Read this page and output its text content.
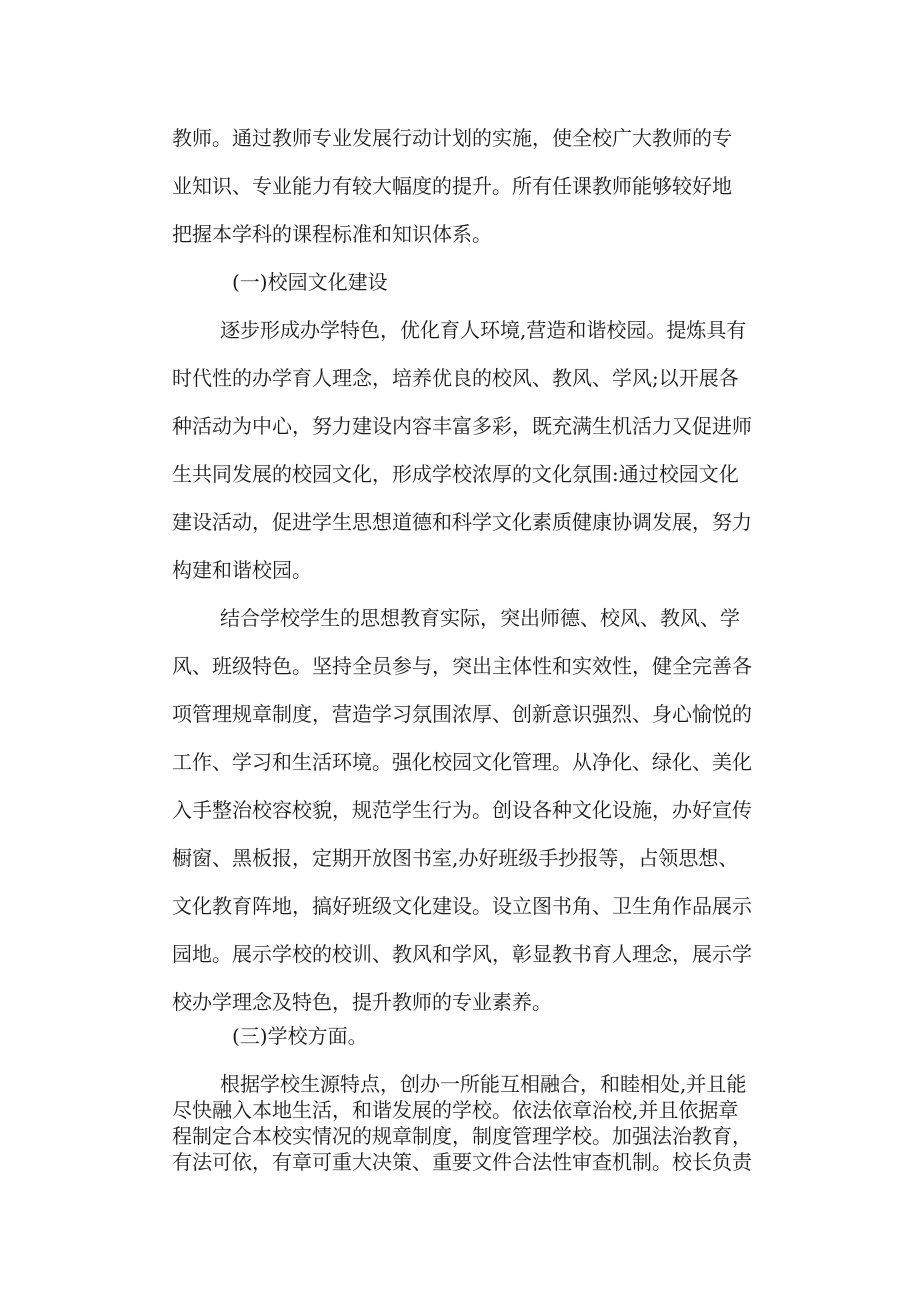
教师。通过教师专业发展行动计划的实施，使全校广大教师的专
业知识、专业能力有较大幅度的提升。所有任课教师能够较好地
把握本学科的课程标准和知识体系。
(一)校园文化建设
逐步形成办学特色，优化育人环境,营造和谐校园。提炼具有
时代性的办学育人理念，培养优良的校风、教风、学风;以开展各
种活动为中心，努力建设内容丰富多彩，既充满生机活力又促进师
生共同发展的校园文化，形成学校浓厚的文化氛围:通过校园文化
建设活动，促进学生思想道德和科学文化素质健康协调发展，努力
构建和谐校园。
结合学校学生的思想教育实际，突出师德、校风、教风、学
风、班级特色。坚持全员参与，突出主体性和实效性，健全完善各
项管理规章制度，营造学习氛围浓厚、创新意识强烈、身心愉悦的
工作、学习和生活环境。强化校园文化管理。从净化、绿化、美化
入手整治校容校貌，规范学生行为。创设各种文化设施，办好宣传
橱窗、黑板报，定期开放图书室,办好班级手抄报等，占领思想、
文化教育阵地，搞好班级文化建设。设立图书角、卫生角作品展示
园地。展示学校的校训、教风和学风，彰显教书育人理念，展示学
校办学理念及特色，提升教师的专业素养。
(三)学校方面。
根据学校生源特点，创办一所能互相融合，和睦相处,并且能
尽快融入本地生活，和谐发展的学校。依法依章治校,并且依据章
程制定合本校实情况的规章制度，制度管理学校。加强法治教育，
有法可依，有章可重大决策、重要文件合法性审查机制。校长负责
